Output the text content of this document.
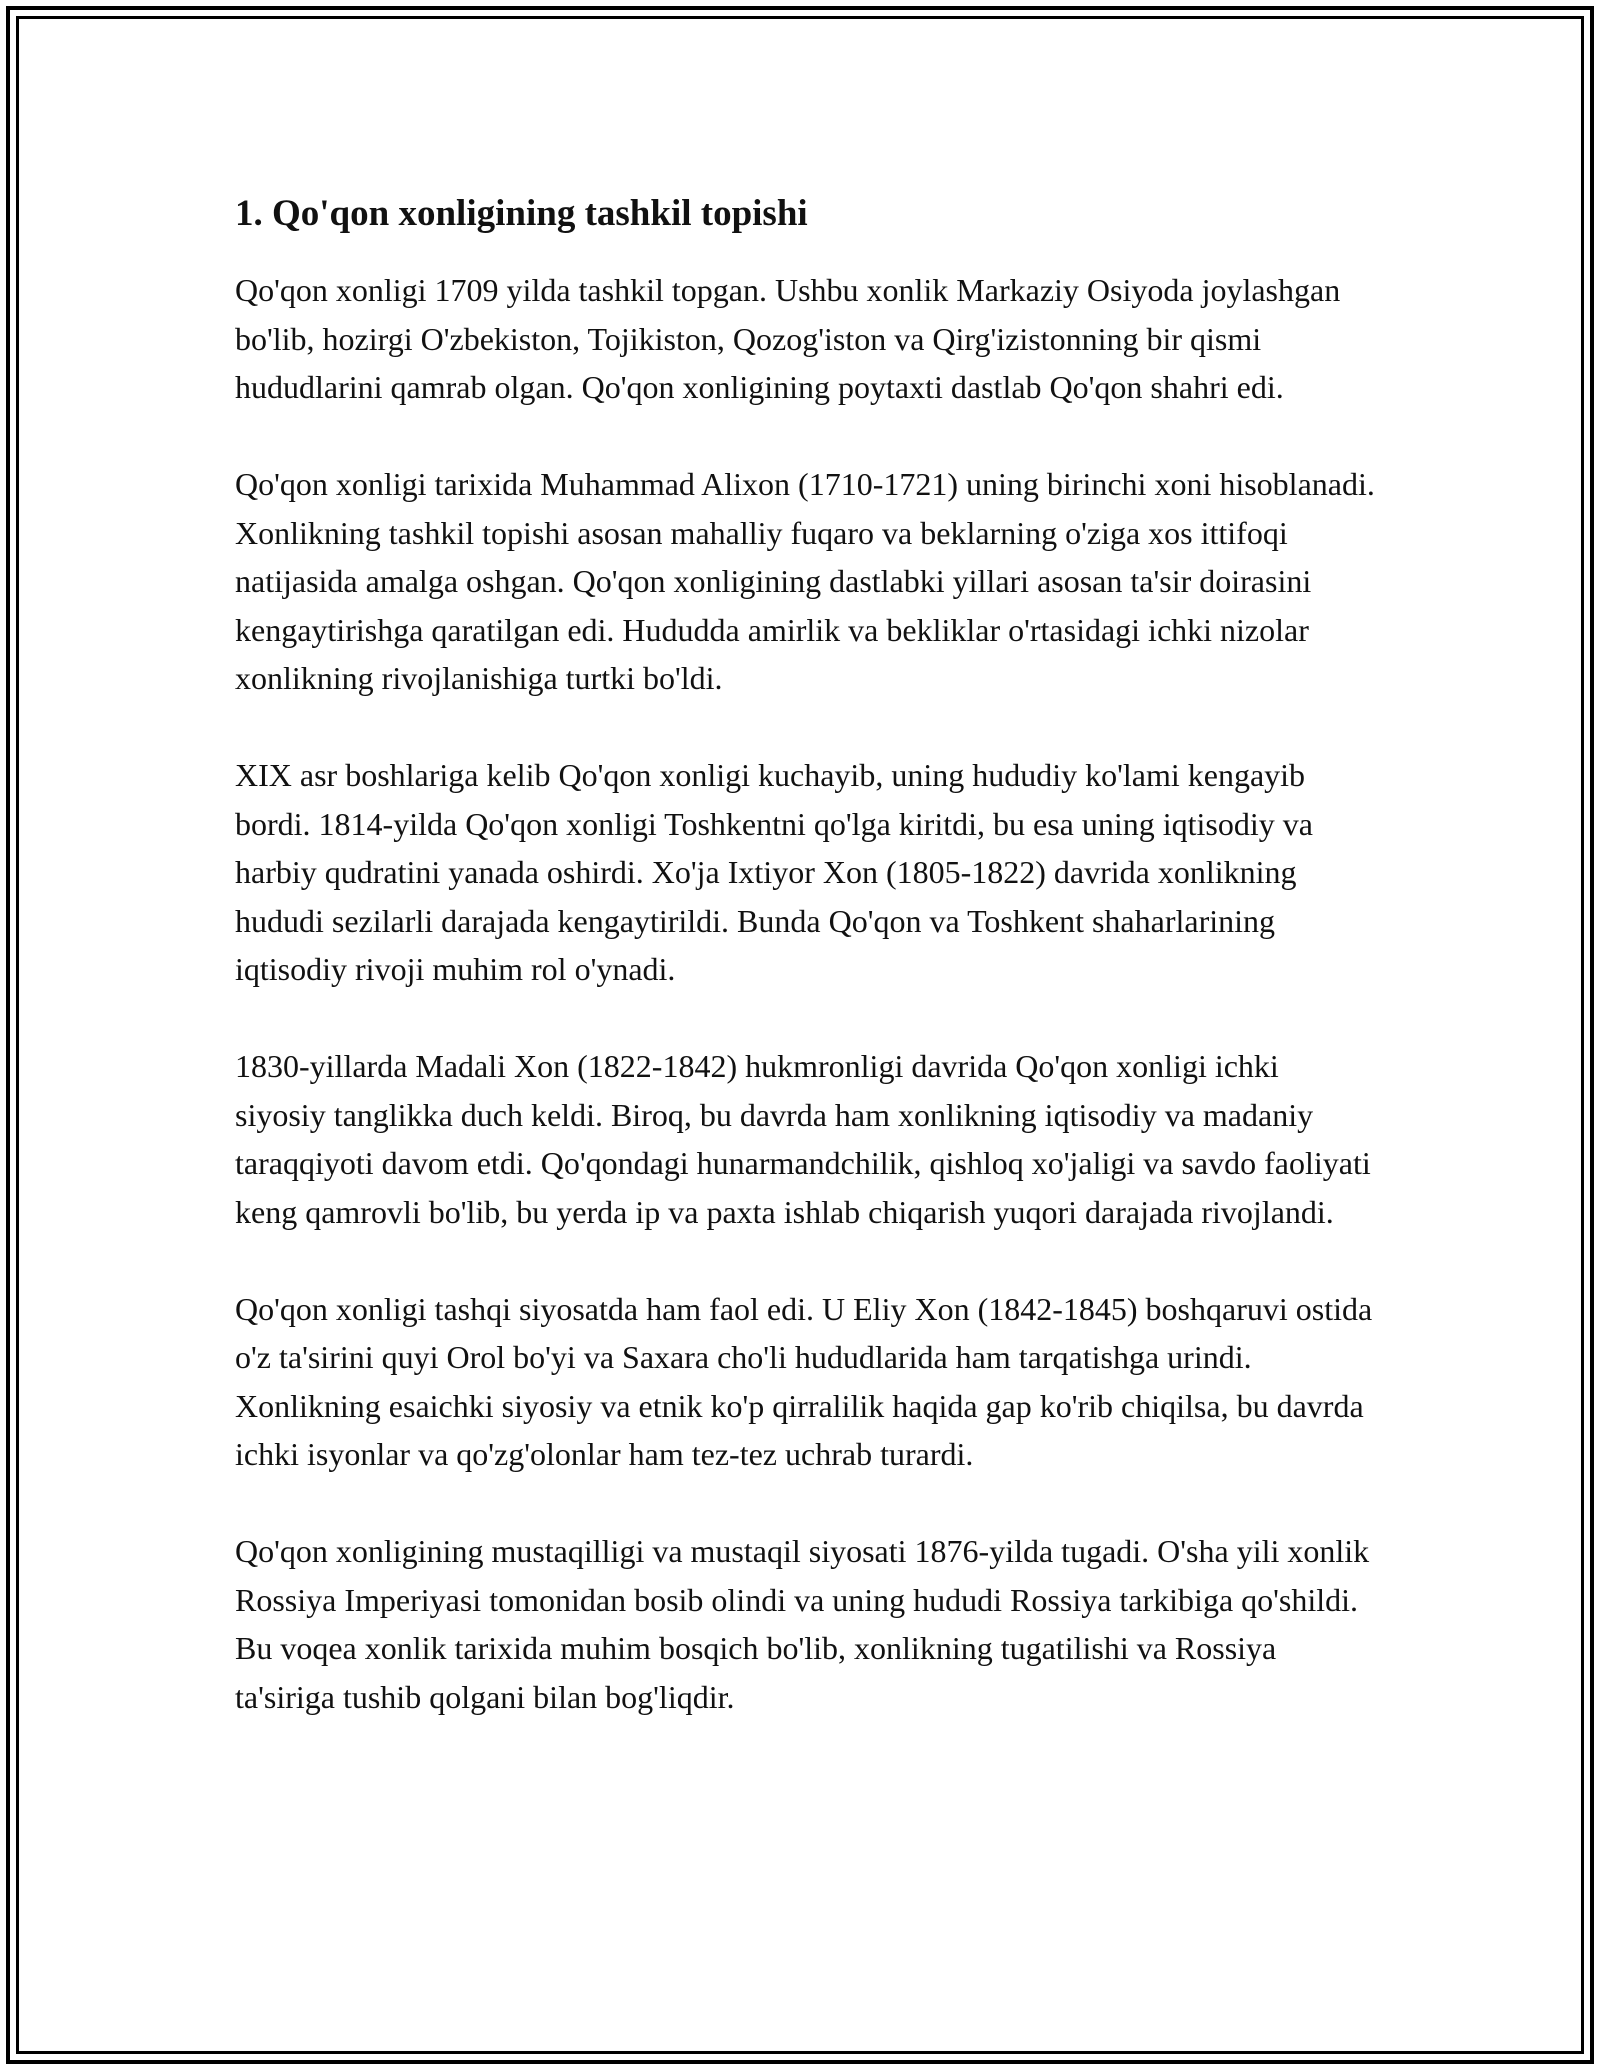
1. Qo'qon xonligining tashkil topishi

Qo'qon xonligi 1709 yilda tashkil topgan. Ushbu xonlik Markaziy Osiyoda joylashgan bo'lib, hozirgi O'zbekiston, Tojikiston, Qozog'iston va Qirg'izistonning bir qismi hududlarini qamrab olgan. Qo'qon xonligining poytaxti dastlab Qo'qon shahri edi.

Qo'qon xonligi tarixida Muhammad Alixon (1710-1721) uning birinchi xoni hisoblanadi. Xonlikning tashkil topishi asosan mahalliy fuqaro va beklarning o'ziga xos ittifoqi natijasida amalga oshgan. Qo'qon xonligining dastlabki yillari asosan ta'sir doirasini kengaytirishga qaratilgan edi. Hududda amirlik va bekliklar o'rtasidagi ichki nizolar xonlikning rivojlanishiga turtki bo'ldi.

XIX asr boshlariga kelib Qo'qon xonligi kuchayib, uning hududiy ko'lami kengayib bordi. 1814-yilda Qo'qon xonligi Toshkentni qo'lga kiritdi, bu esa uning iqtisodiy va harbiy qudratini yanada oshirdi. Xo'ja Ixtiyor Xon (1805-1822) davrida xonlikning hududi sezilarli darajada kengaytirildi. Bunda Qo'qon va Toshkent shaharlarining iqtisodiy rivoji muhim rol o'ynadi.

1830-yillarda Madali Xon (1822-1842) hukmronligi davrida Qo'qon xonligi ichki siyosiy tanglikka duch keldi. Biroq, bu davrda ham xonlikning iqtisodiy va madaniy taraqqiyoti davom etdi. Qo'qondagi hunarmandchilik, qishloq xo'jaligi va savdo faoliyati keng qamrovli bo'lib, bu yerda ip va paxta ishlab chiqarish yuqori darajada rivojlandi.

Qo'qon xonligi tashqi siyosatda ham faol edi. U Eliy Xon (1842-1845) boshqaruvi ostida o'z ta'sirini quyi Orol bo'yi va Saxara cho'li hududlarida ham tarqatishga urindi. Xonlikning esaichki siyosiy va etnik ko'p qirralilik haqida gap ko'rib chiqilsa, bu davrda ichki isyonlar va qo'zg'olonlar ham tez-tez uchrab turardi.

Qo'qon xonligining mustaqilligi va mustaqil siyosati 1876-yilda tugadi. O'sha yili xonlik Rossiya Imperiyasi tomonidan bosib olindi va uning hududi Rossiya tarkibiga qo'shildi. Bu voqea xonlik tarixida muhim bosqich bo'lib, xonlikning tugatilishi va Rossiya ta'siriga tushib qolgani bilan bog'liqdir.
